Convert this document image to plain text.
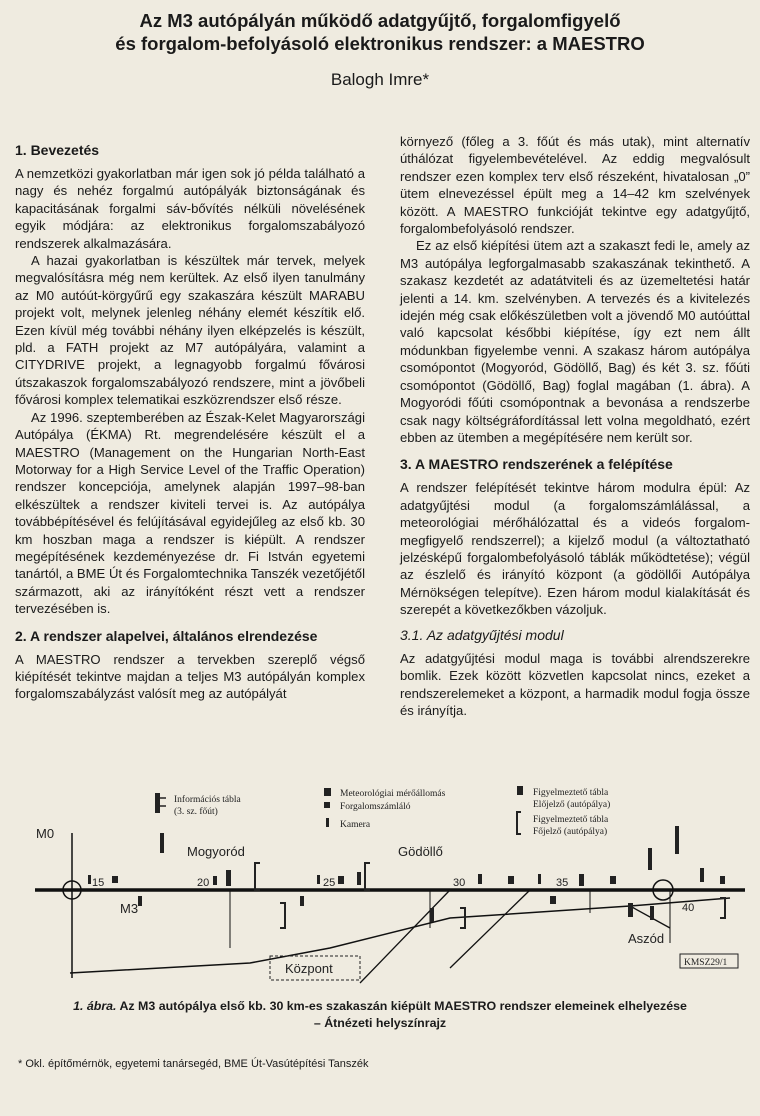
Az M3 autópályán működő adatgyűjtő, forgalomfigyelő
és forgalom-befolyásoló elektronikus rendszer: a MAESTRO
Balogh Imre*
1. Bevezetés

A nemzetközi gyakorlatban már igen sok jó példa található a nagy és nehéz forgalmú autópályák biztonságának és kapacitásának forgalmi sáv-bővítés nélküli növelésének egyik módjára: az elektronikus forgalomszabályozó rendszerek alkalmazására.

A hazai gyakorlatban is készültek már tervek, melyek megvalósításra még nem kerültek. Az első ilyen tanulmány az M0 autóút-körgyűrű egy szakaszára készült MARABU projekt volt, melynek jelenleg néhány elemét készítik elő. Ezen kívül még további néhány ilyen elképzelés is készült, pld. a FATH projekt az M7 autópályára, valamint a CITYDRIVE projekt, a legnagyobb forgalmú fővárosi útszakaszok forgalomszabályozó rendszere, mint a jövőbeli fővárosi komplex telematikai eszközrendszer első része.

Az 1996. szeptemberében az Észak-Kelet Magyarországi Autópálya (ÉKMA) Rt. megrendelésére készült el a MAESTRO (Management on the Hungarian North-East Motorway for a High Service Level of the Traffic Operation) rendszer koncepciója, amelynek alapján 1997–98-ban elkészültek a rendszer kiviteli tervei is. Az autópálya továbbépítésével és felújításával egyidejűleg az első kb. 30 km hoszban maga a rendszer is kiépült. A rendszer megépítésének kezdeményezése dr. Fi István egyetemi tanártól, a BME Út és Forgalomtechnika Tanszék vezetőjétől származott, aki az irányítóként részt vett a rendszer tervezésében is.

2. A rendszer alapelvei, általános elrendezése

A MAESTRO rendszer a tervekben szereplő végső kiépítését tekintve majdan a teljes M3 autópályán komplex forgalomszabályzást valósít meg az autópályát

környező (főleg a 3. főút és más utak), mint alternatív úthálózat figyelembevételével. Az eddig megvalósult rendszer ezen komplex terv első részeként, hivatalosan „0” ütem elnevezéssel épült meg a 14–42 km szelvények között. A MAESTRO funkcióját tekintve egy adatgyűjtő, forgalombefolyásoló rendszer.

Ez az első kiépítési ütem azt a szakaszt fedi le, amely az M3 autópálya legforgalmasabb szakaszának tekinthető. A szakasz kezdetét az adatátviteli és az üzemeltetési határ jelenti a 14. km. szelvényben. A tervezés és a kivitelezés idején még csak előkészületben volt a jövendő M0 autóúttal való kapcsolat későbbi kiépítése, így ezt nem állt módunkban figyelembe venni. A szakasz három autópálya csomópontot (Mogyoród, Gödöllő, Bag) és két 3. sz. főúti csomópontot (Gödöllő, Bag) foglal magában (1. ábra). A Mogyoródi főúti csomópontnak a bevonása a rendszerbe csak nagy költségráfordítással lett volna megoldható, ezért ebben az ütemben a megépítésére nem került sor.

3. A MAESTRO rendszerének a felépítése

A rendszer felépítését tekintve három modulra épül: Az adatgyűjtési modul (a forgalomszámlálással, a meteorológiai mérőhálózattal és a videós forgalom-megfigyelő rendszerrel); a kijelző modul (a változtatható jelzésképű forgalombefolyásoló táblák működtetése); végül az észlelő és irányító központ (a gödöllői Autópálya Mérnökségen telepítve). Ezen három modul kialakítását és szerepét a következőkben vázoljuk.

3.1. Az adatgyűjtési modul

Az adatgyűjtési modul maga is további alrendszerekre bomlik. Ezek között közvetlen kapcsolat nincs, ezeket a rendszerelemeket a központ, a harmadik modul fogja össze és irányítja.

Információs tábla
(3. sz. főút)
Meteorológiai mérőállomás
Forgalomszámláló
Kamera
Figyelmeztető tábla
Előjelző (autópálya)
Figyelmeztető tábla
Főjelző (autópálya)
M0
M3
Mogyoród	Gödöllő
Aszód
15	20	25	30	35
40
Központ	KMSZ29/1
1. ábra. Az M3 autópálya első kb. 30 km-es szakaszán kiépült MAESTRO rendszer elemeinek elhelyezése
– Átnézeti helyszínrajz
* Okl. építőmérnök, egyetemi tanársegéd, BME Út-Vasútépítési Tanszék
